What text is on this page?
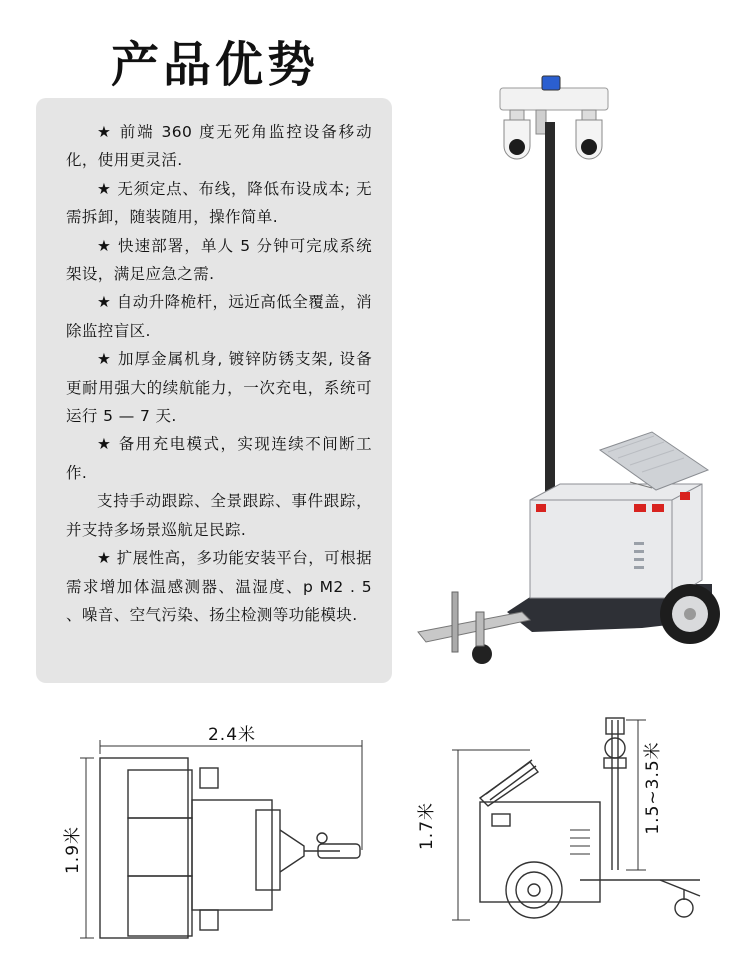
产品优势
★ 前端 360 度无死角监控设备移动化，使用更灵活.
★ 无须定点、布线，降低布设成本; 无需拆卸，随装随用，操作简单.
★ 快速部署，单人 5 分钟可完成系统架设，满足应急之需.
★ 自动升降桅杆，远近高低全覆盖，消除监控盲区.
★ 加厚金属机身, 镀锌防锈支架, 设备更耐用强大的续航能力，一次充电，系统可运行 5 — 7 天.
★ 备用充电模式，实现连续不间断工作.
支持手动跟踪、全景跟踪、事件跟踪，并支持多场景巡航足民踪.
★ 扩展性高，多功能安装平台，可根据需求增加体温感测器、温湿度、p M2 . 5 、噪音、空气污染、扬尘检测等功能模块.
2.4米
1.9米	1.7米	1.5~3.5米
